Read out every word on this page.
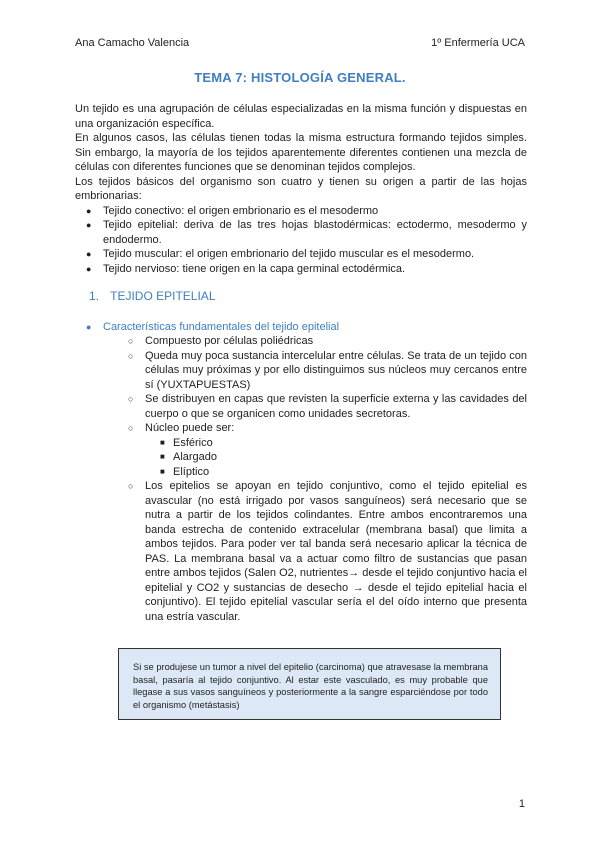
Ana Camacho Valencia	1º Enfermería UCA
TEMA 7: HISTOLOGÍA GENERAL.

Un tejido es una agrupación de células especializadas en la misma función y dispuestas en una organización específica.

En algunos casos, las células tienen todas la misma estructura formando tejidos simples. Sin embargo, la mayoría de los tejidos aparentemente diferentes contienen una mezcla de células con diferentes funciones que se denominan tejidos complejos.

Los tejidos básicos del organismo son cuatro y tienen su origen a partir de las hojas embrionarias:

● Tejido conectivo: el origen embrionario es el mesodermo
● Tejido epitelial: deriva de las tres hojas blastodérmicas: ectodermo, mesodermo y endodermo.
● Tejido muscular: el origen embrionario del tejido muscular es el mesodermo.
● Tejido nervioso: tiene origen en la capa germinal ectodérmica.
1. TEJIDO EPITELIAL
● Características fundamentales del tejido epitelial
○ Compuesto por células poliédricas
○ Queda muy poca sustancia intercelular entre células. Se trata de un tejido con células muy próximas y por ello distinguimos sus núcleos muy cercanos entre sí (YUXTAPUESTAS)
○ Se distribuyen en capas que revisten la superficie externa y las cavidades del cuerpo o que se organicen como unidades secretoras.
○ Núcleo puede ser:
■ Esférico
■ Alargado
■ Elíptico
○ Los epitelios se apoyan en tejido conjuntivo, como el tejido epitelial es avascular (no está irrigado por vasos sanguíneos) será necesario que se nutra a partir de los tejidos colindantes. Entre ambos encontraremos una banda estrecha de contenido extracelular (membrana basal) que limita a ambos tejidos. Para poder ver tal banda será necesario aplicar la técnica de PAS. La membrana basal va a actuar como filtro de sustancias que pasan entre ambos tejidos (Salen O2, nutrientes→ desde el tejido conjuntivo hacia el epitelial y CO2 y sustancias de desecho → desde el tejido epitelial hacia el conjuntivo). El tejido epitelial vascular sería el del oído interno que presenta una estría vascular.
Si se produjese un tumor a nivel del epitelio (carcinoma) que atravesase la membrana basal, pasaría al tejido conjuntivo. Al estar este vasculado, es muy probable que llegase a sus vasos sanguíneos y posteriormente a la sangre esparciéndose por todo el organismo (metástasis)
1
